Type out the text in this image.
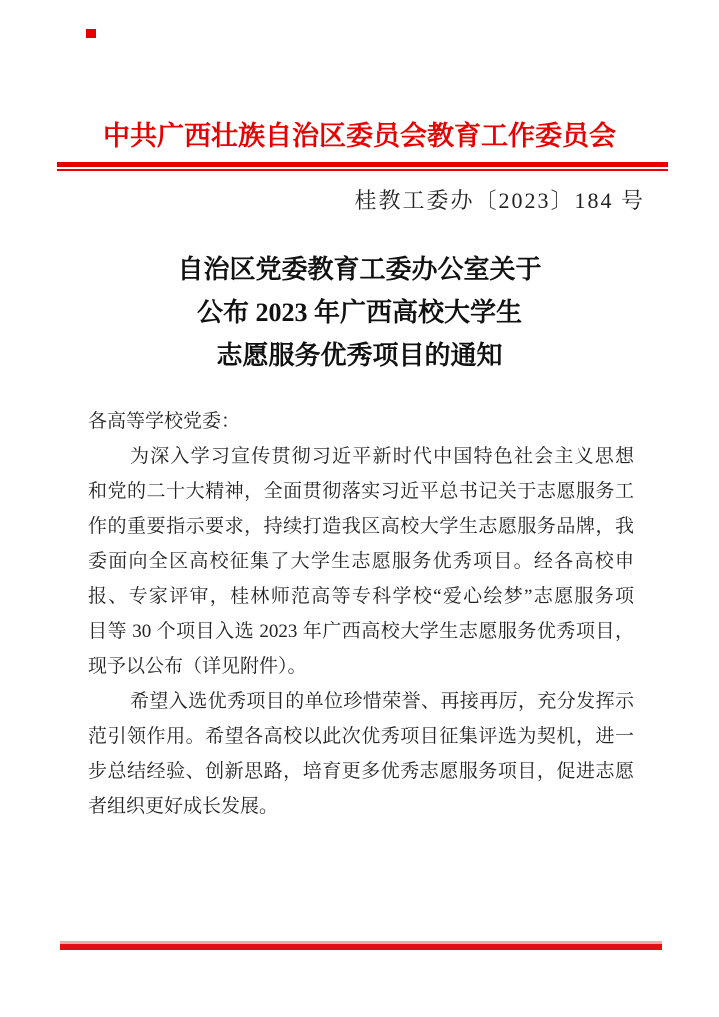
中共广西壮族自治区委员会教育工作委员会
桂教工委办〔2023〕184 号
自治区党委教育工委办公室关于
公布 2023 年广西高校大学生
志愿服务优秀项目的通知
各高等学校党委：
为深入学习宣传贯彻习近平新时代中国特色社会主义思想
和党的二十大精神，全面贯彻落实习近平总书记关于志愿服务工
作的重要指示要求，持续打造我区高校大学生志愿服务品牌，我
委面向全区高校征集了大学生志愿服务优秀项目。经各高校申
报、专家评审，桂林师范高等专科学校“爱心绘梦”志愿服务项
目等 30 个项目入选 2023 年广西高校大学生志愿服务优秀项目，
现予以公布（详见附件）。
希望入选优秀项目的单位珍惜荣誉、再接再厉，充分发挥示
范引领作用。希望各高校以此次优秀项目征集评选为契机，进一
步总结经验、创新思路，培育更多优秀志愿服务项目，促进志愿
者组织更好成长发展。
